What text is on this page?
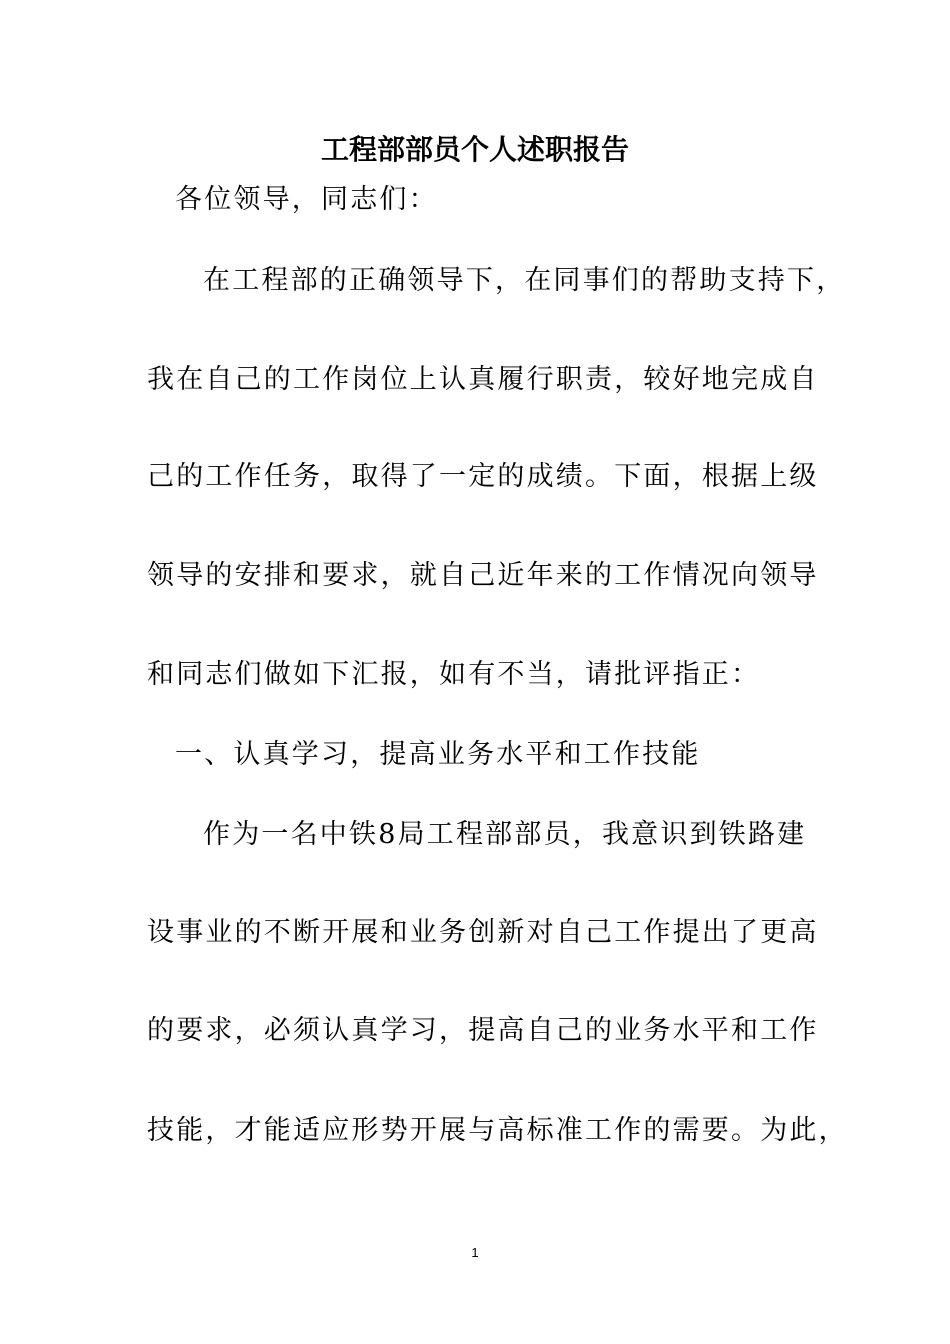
工程部部员个人述职报告

各位领导，同志们：

在工程部的正确领导下，在同事们的帮助支持下，

我在自己的工作岗位上认真履行职责，较好地完成自

己的工作任务，取得了一定的成绩。下面，根据上级

领导的安排和要求，就自己近年来的工作情况向领导

和同志们做如下汇报，如有不当，请批评指正：

一、认真学习，提高业务水平和工作技能

作为一名中铁8局工程部部员，我意识到铁路建

设事业的不断开展和业务创新对自己工作提出了更高

的要求，必须认真学习，提高自己的业务水平和工作

技能，才能适应形势开展与高标准工作的需要。为此，

1
